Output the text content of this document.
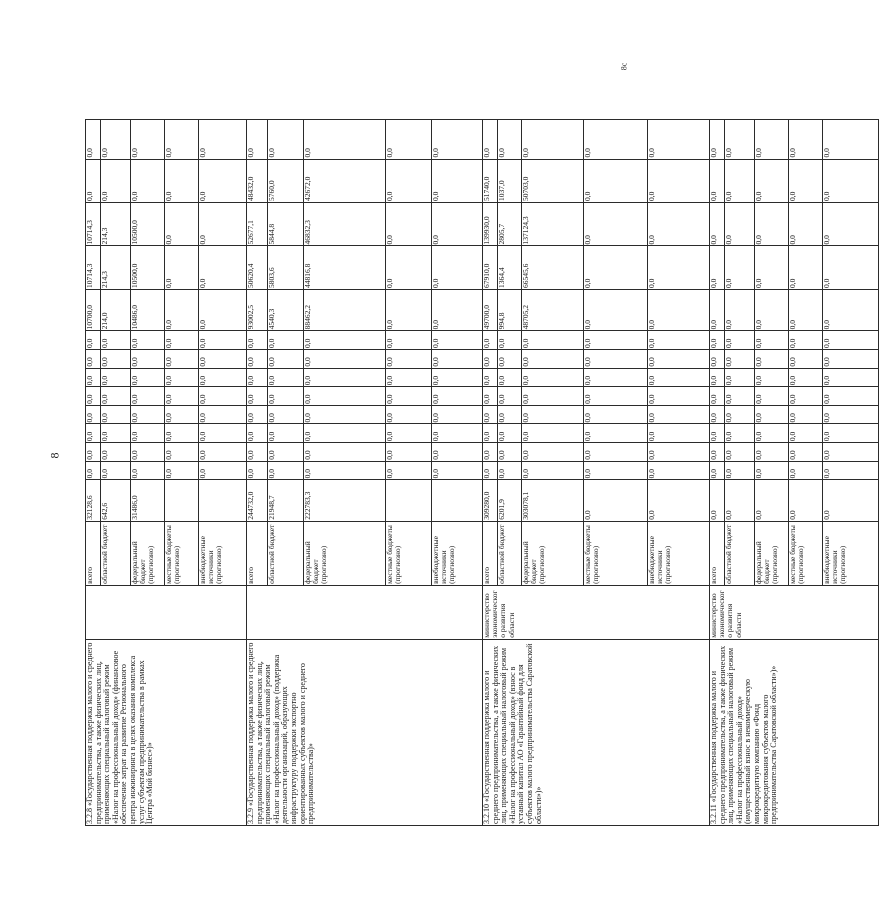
8
8с
3.2.8 «Государственная поддержка малого и среднего предпринимательства, а также физических лиц, применяющих специальный налоговый режим «Налог на профессиональный доход» (финансовое обеспечение затрат на развитие Регионального центра инжиниринга в целях оказания комплекса услуг субъектам предпринимательства в рамках Центра «Мой бизнес»)»		всего	32128,6	0,0	0,0	0,0	0,0	0,0	0,0	0,0	0,0	10700,0	10714,3	10714,3	0,0	0,0
		областной бюджет	642,6	0,0	0,0	0,0	0,0	0,0	0,0	0,0	0,0	214,0	214,3	214,3	0,0	0,0
		федеральный бюджет (прогнозно)	31486,0	0,0	0,0	0,0	0,0	0,0	0,0	0,0	0,0	10486,0	10500,0	10500,0	0,0	0,0
		местные бюджеты (прогнозно)		0,0	0,0	0,0	0,0	0,0	0,0	0,0	0,0	0,0	0,0	0,0	0,0	0,0
		внебюджетные источники (прогнозно)		0,0	0,0	0,0	0,0	0,0	0,0	0,0	0,0	0,0	0,0	0,0	0,0	0,0
3.2.9 «Государственная поддержка малого и среднего предпринимательства, а также физических лиц, применяющих специальный налоговый режим «Налог на профессиональный доход» (поддержка деятельности организаций, образующих инфраструктуру поддержки экспортно ориентированных субъектов малого и среднего предпринимательства)»		всего	244732,0	0,0	0,0	0,0	0,0	0,0	0,0	0,0	0,0	93002,5	50620,4	52677,1	48432,0	0,0
		областной бюджет	21948,7	0,0	0,0	0,0	0,0	0,0	0,0	0,0	0,0	4540,3	5803,6	5844,8	5760,0	0,0
		федеральный бюджет (прогнозно)	222783,3	0,0	0,0	0,0	0,0	0,0	0,0	0,0	0,0	88462,2	44816,8	46832,3	42672,0	0,0
		местные бюджеты (прогнозно)		0,0	0,0	0,0	0,0	0,0	0,0	0,0	0,0	0,0	0,0	0,0	0,0	0,0
		внебюджетные источники (прогнозно)		0,0	0,0	0,0	0,0	0,0	0,0	0,0	0,0	0,0	0,0	0,0	0,0	0,0
3.2.10 «Государственная поддержка малого и среднего предпринимательства, а также физических лиц, применяющих специальный налоговый режим «Налог на профессиональный доход» (взнос в уставный капитал АО «Гарантийный фонд для субъектов малого предпринимательства Саратовской области»)»	министерство экономического развития области	всего	309280,0	0,0	0,0	0,0	0,0	0,0	0,0	0,0	0,0	49700,0	67910,0	139930,0	51740,0	0,0
		областной бюджет	6201,9	0,0	0,0	0,0	0,0	0,0	0,0	0,0	0,0	994,8	1364,4	2805,7	1037,0	0,0
		федеральный бюджет (прогнозно)	303078,1	0,0	0,0	0,0	0,0	0,0	0,0	0,0	0,0	48705,2	66545,6	137124,3	50703,0	0,0
		местные бюджеты (прогнозно)	0,0	0,0	0,0	0,0	0,0	0,0	0,0	0,0	0,0	0,0	0,0	0,0	0,0	0,0
		внебюджетные источники (прогнозно)	0,0	0,0	0,0	0,0	0,0	0,0	0,0	0,0	0,0	0,0	0,0	0,0	0,0	0,0
3.2.11 «Государственная поддержка малого и среднего предпринимательства, а также физических лиц, применяющих специальный налоговый режим «Налог на профессиональный доход» (имущественный взнос в некоммерческую микрокредитную компанию «Фонд микрокредитования субъектов малого предпринимательства Саратовской области»)»	министерство экономического развития области	всего	0,0	0,0	0,0	0,0	0,0	0,0	0,0	0,0	0,0	0,0	0,0	0,0	0,0	0,0
		областной бюджет	0,0	0,0	0,0	0,0	0,0	0,0	0,0	0,0	0,0	0,0	0,0	0,0	0,0	0,0
		федеральный бюджет (прогнозно)	0,0	0,0	0,0	0,0	0,0	0,0	0,0	0,0	0,0	0,0	0,0	0,0	0,0	0,0
		местные бюджеты (прогнозно)	0,0	0,0	0,0	0,0	0,0	0,0	0,0	0,0	0,0	0,0	0,0	0,0	0,0	0,0
		внебюджетные источники (прогнозно)	0,0	0,0	0,0	0,0	0,0	0,0	0,0	0,0	0,0	0,0	0,0	0,0	0,0	0,0
